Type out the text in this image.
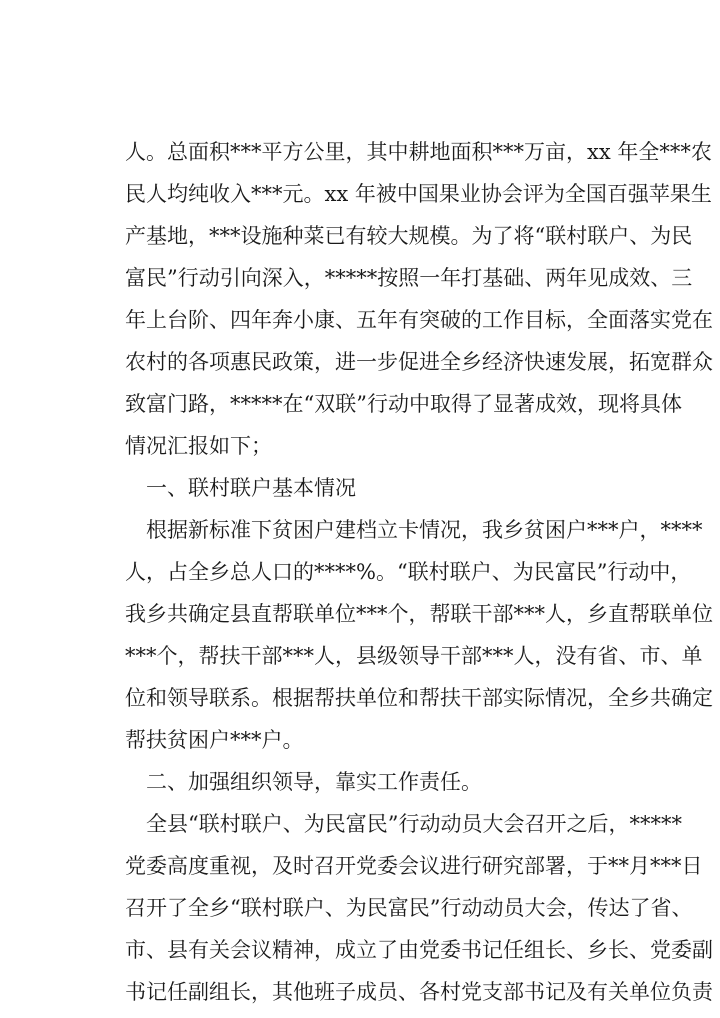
人。总面积***平方公里，其中耕地面积***万亩，xx 年全***农
民人均纯收入***元。xx 年被中国果业协会评为全国百强苹果生
产基地，***设施种菜已有较大规模。为了将“联村联户、为民
富民”行动引向深入，*****按照一年打基础、两年见成效、三
年上台阶、四年奔小康、五年有突破的工作目标，全面落实党在
农村的各项惠民政策，进一步促进全乡经济快速发展，拓宽群众
致富门路，*****在“双联”行动中取得了显著成效，现将具体
情况汇报如下；
一、联村联户基本情况
根据新标准下贫困户建档立卡情况，我乡贫困户***户，****
人，占全乡总人口的****%。“联村联户、为民富民”行动中，
我乡共确定县直帮联单位***个，帮联干部***人，乡直帮联单位
***个，帮扶干部***人，县级领导干部***人，没有省、市、单
位和领导联系。根据帮扶单位和帮扶干部实际情况，全乡共确定
帮扶贫困户***户。
二、加强组织领导，靠实工作责任。
全县“联村联户、为民富民”行动动员大会召开之后，*****
党委高度重视，及时召开党委会议进行研究部署，于**月***日
召开了全乡“联村联户、为民富民”行动动员大会，传达了省、
市、县有关会议精神，成立了由党委书记任组长、乡长、党委副
书记任副组长，其他班子成员、各村党支部书记及有关单位负责
